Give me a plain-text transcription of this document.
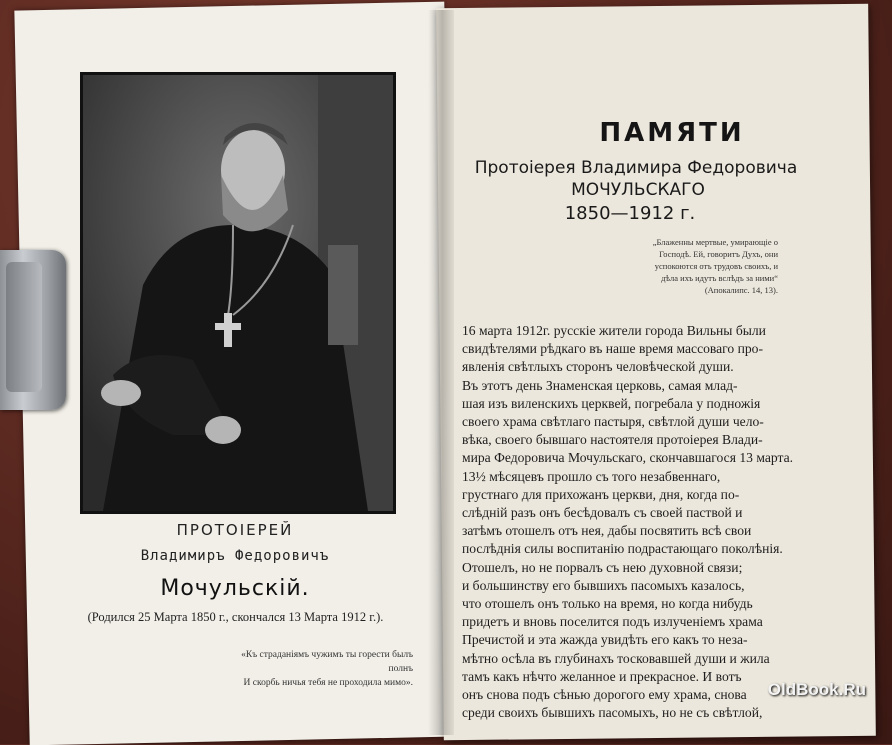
ПРОТОIЕРЕЙ
Владимиръ Федоровичъ
Мочульскій.
(Родился 25 Марта 1850 г., скончался 13 Марта 1912 г.).
«Къ страданіямъ чужимъ ты горести былъ
полнъ
И скорбь ничья тебя не проходила мимо».
ПАМЯТИ
Протоіерея Владимира Федоровича
МОЧУЛЬСКАГО
1850—1912 г.
„Блаженны мертвые, умирающіе о
Господѣ. Ей, говоритъ Духъ, они
успокоются отъ трудовъ своихъ, и
дѣла ихъ идутъ вслѣдъ за ними“
(Апокалипс. 14, 13).

16 марта 1912г. русскіе жители города Вильны были

свидѣтелями рѣдкаго въ наше время массоваго про-

явленія свѣтлыхъ сторонъ человѣческой души.

Въ этотъ день Знаменская церковь, самая млад-

шая изъ виленскихъ церквей, погребала у подножія

своего храма свѣтлаго пастыря, свѣтлой души чело-

вѣка, своего бывшаго настоятеля протоіерея Влади-

мира Федоровича Мочульскаго, скончавшагося 13 марта.

13½ мѣсяцевъ прошло съ того незабвеннаго,

грустнаго для прихожанъ церкви, дня, когда по-

слѣдній разъ онъ бесѣдовалъ съ своей паствой и

затѣмъ отошелъ отъ нея, дабы посвятить всѣ свои

послѣднія силы воспитанію подрастающаго поколѣнія.

Отошелъ, но не порвалъ съ нею духовной связи;

и большинству его бывшихъ пасомыхъ казалось,

что отошелъ онъ только на время, но когда нибудь

придетъ и вновь поселится подъ излученіемъ храма

Пречистой и эта жажда увидѣть его какъ то неза-

мѣтно осѣла въ глубинахъ тосковавшей души и жила

тамъ какъ нѣчто желанное и прекрасное. И вотъ

онъ снова подъ сѣнью дорогого ему храма, снова

среди своихъ бывшихъ пасомыхъ, но не съ свѣтлой,

OldBook.Ru
